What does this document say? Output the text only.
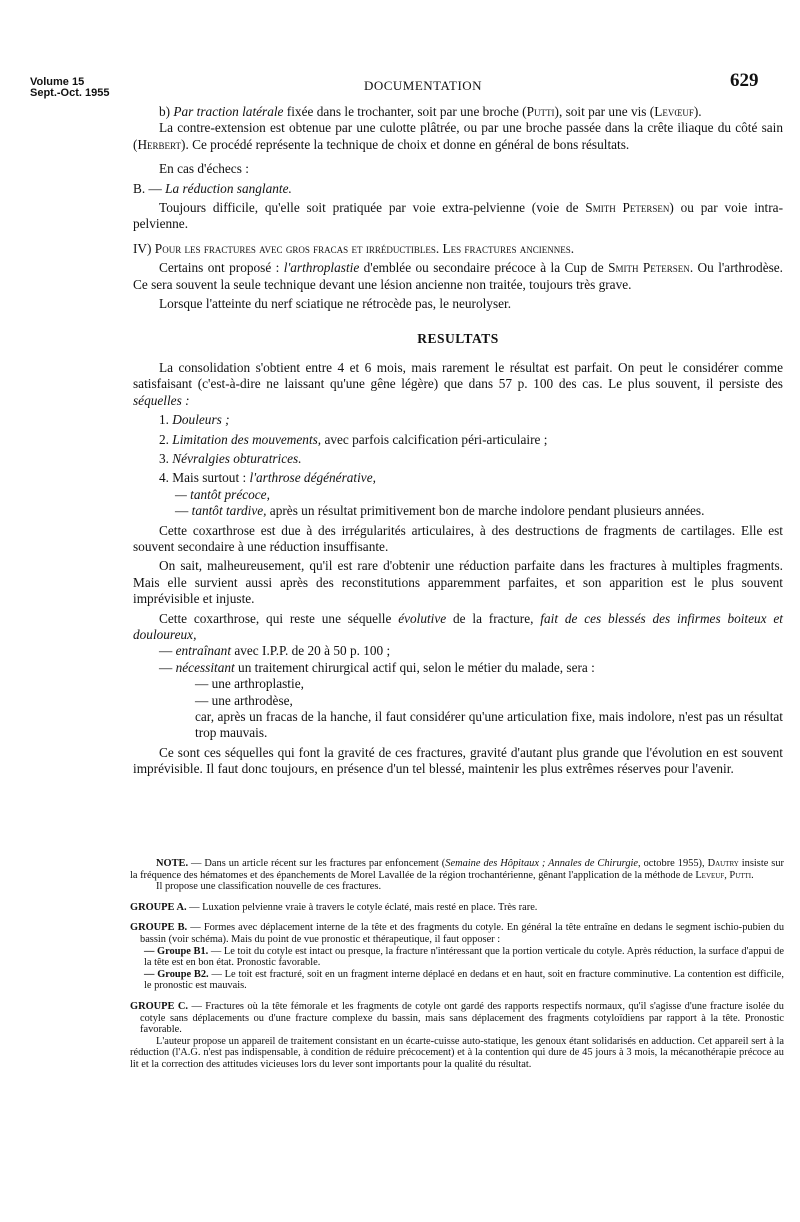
Volume 15
Sept.-Oct. 1955	DOCUMENTATION	629

b) Par traction latérale fixée dans le trochanter, soit par une broche (Putti), soit par une vis (Levœuf).

La contre-extension est obtenue par une culotte plâtrée, ou par une broche passée dans la crête iliaque du côté sain (Herbert). Ce procédé représente la technique de choix et donne en général de bons résultats.

En cas d'échecs :

B. — La réduction sanglante.

Toujours difficile, qu'elle soit pratiquée par voie extra-pelvienne (voie de Smith Petersen) ou par voie intra-pelvienne.

IV) Pour les fractures avec gros fracas et irréductibles. Les fractures anciennes.

Certains ont proposé : l'arthroplastie d'emblée ou secondaire précoce à la Cup de Smith Petersen. Ou l'arthrodèse. Ce sera souvent la seule technique devant une lésion ancienne non traitée, toujours très grave.

Lorsque l'atteinte du nerf sciatique ne rétrocède pas, le neurolyser.

RESULTATS

La consolidation s'obtient entre 4 et 6 mois, mais rarement le résultat est parfait. On peut le considérer comme satisfaisant (c'est-à-dire ne laissant qu'une gêne légère) que dans 57 p. 100 des cas. Le plus souvent, il persiste des séquelles :

1. Douleurs ;

2. Limitation des mouvements, avec parfois calcification péri-articulaire ;

3. Névralgies obturatrices.

4. Mais surtout : l'arthrose dégénérative,

— tantôt précoce,

— tantôt tardive, après un résultat primitivement bon de marche indolore pendant plusieurs années.

Cette coxarthrose est due à des irrégularités articulaires, à des destructions de fragments de cartilages. Elle est souvent secondaire à une réduction insuffisante.

On sait, malheureusement, qu'il est rare d'obtenir une réduction parfaite dans les fractures à multiples fragments. Mais elle survient aussi après des reconstitutions apparemment parfaites, et son apparition est le plus souvent imprévisible et injuste.

Cette coxarthrose, qui reste une séquelle évolutive de la fracture, fait de ces blessés des infirmes boiteux et douloureux,

— entraînant avec I.P.P. de 20 à 50 p. 100 ;

— nécessitant un traitement chirurgical actif qui, selon le métier du malade, sera :

— une arthroplastie,

— une arthrodèse,

car, après un fracas de la hanche, il faut considérer qu'une articulation fixe, mais indolore, n'est pas un résultat trop mauvais.

Ce sont ces séquelles qui font la gravité de ces fractures, gravité d'autant plus grande que l'évolution en est souvent imprévisible. Il faut donc toujours, en présence d'un tel blessé, maintenir les plus extrêmes réserves pour l'avenir.

NOTE. — Dans un article récent sur les fractures par enfoncement (Semaine des Hôpitaux ; Annales de Chirurgie, octobre 1955), Dautry insiste sur la fréquence des hématomes et des épanchements de Morel Lavallée de la région trochantérienne, gênant l'application de la méthode de Leveuf, Putti.

Il propose une classification nouvelle de ces fractures.

GROUPE A. — Luxation pelvienne vraie à travers le cotyle éclaté, mais resté en place. Très rare.

GROUPE B. — Formes avec déplacement interne de la tête et des fragments du cotyle. En général la tête entraîne en dedans le segment ischio-pubien du bassin (voir schéma). Mais du point de vue pronostic et thérapeutique, il faut opposer :

— Groupe B1. — Le toit du cotyle est intact ou presque, la fracture n'intéressant que la portion verticale du cotyle. Après réduction, la surface d'appui de la tête est en bon état. Pronostic favorable.

— Groupe B2. — Le toit est fracturé, soit en un fragment interne déplacé en dedans et en haut, soit en fracture comminutive. La contention est difficile, le pronostic est mauvais.

GROUPE C. — Fractures où la tête fémorale et les fragments de cotyle ont gardé des rapports respectifs normaux, qu'il s'agisse d'une fracture isolée du cotyle sans déplacements ou d'une fracture complexe du bassin, mais sans déplacement des fragments cotyloïdiens par rapport à la tête. Pronostic favorable.

L'auteur propose un appareil de traitement consistant en un écarte-cuisse auto-statique, les genoux étant solidarisés en adduction. Cet appareil sert à la réduction (l'A.G. n'est pas indispensable, à condition de réduire précocement) et à la contention qui dure de 45 jours à 3 mois, la mécanothérapie précoce au lit et la correction des attitudes vicieuses lors du lever sont importants pour la qualité du résultat.
